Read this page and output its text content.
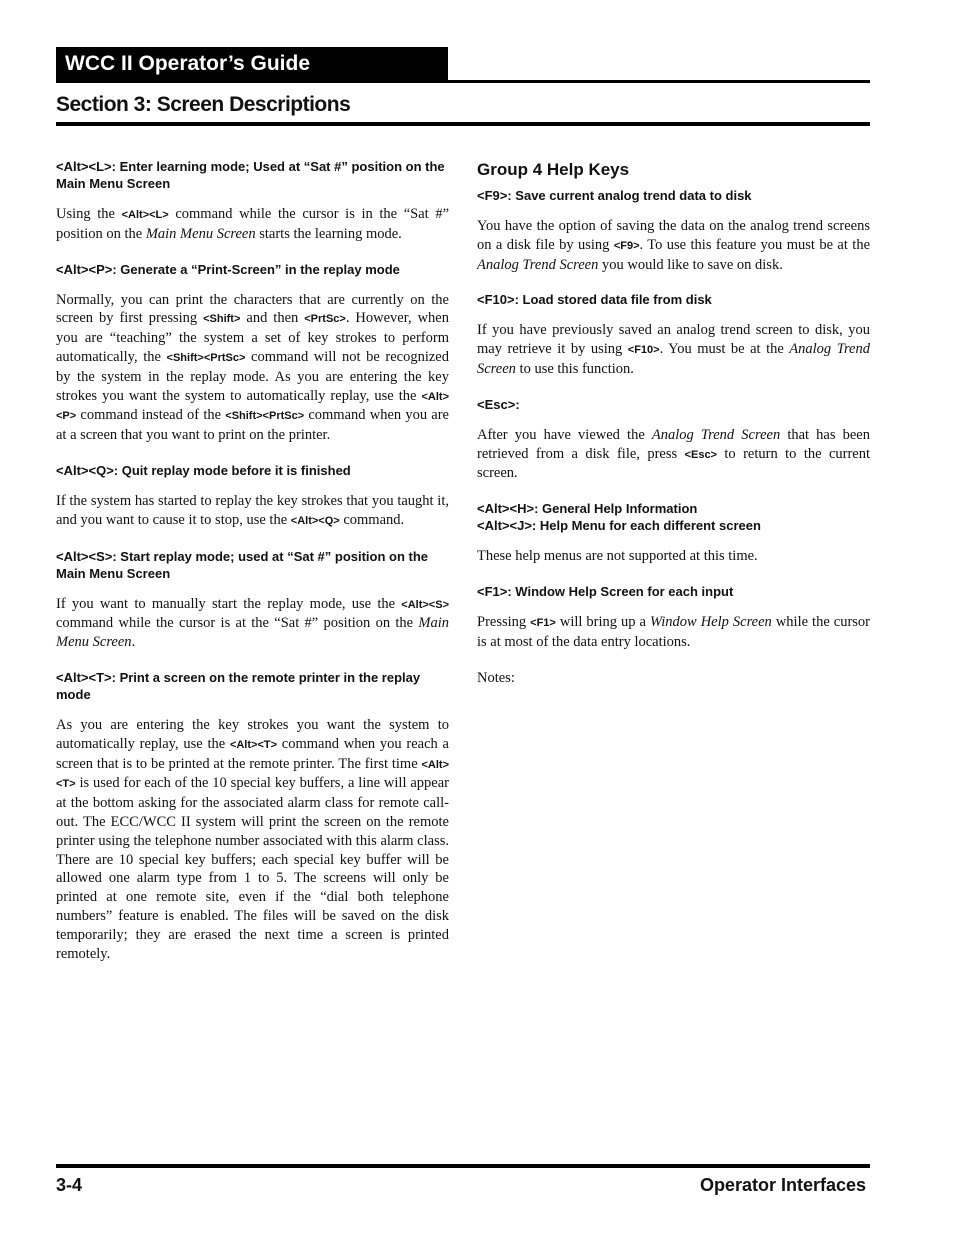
WCC II Operator’s Guide
Section 3: Screen Descriptions
<Alt><L>: Enter learning mode; Used at “Sat #” position on the Main Menu Screen

Using the <Alt><L> command while the cursor is in the “Sat #” position on the Main Menu Screen starts the learning mode.

<Alt><P>: Generate a “Print-Screen” in the replay mode

Normally, you can print the characters that are currently on the screen by first pressing <Shift> and then <PrtSc>. However, when you are “teaching” the system a set of key strokes to perform automatically, the <Shift><PrtSc> command will not be recognized by the system in the replay mode. As you are entering the key strokes you want the system to automatically replay, use the <Alt><P> command instead of the <Shift><PrtSc> command when you are at a screen that you want to print on the printer.

<Alt><Q>: Quit replay mode before it is finished

If the system has started to replay the key strokes that you taught it, and you want to cause it to stop, use the <Alt><Q> command.

<Alt><S>: Start replay mode; used at “Sat #” position on the Main Menu Screen

If you want to manually start the replay mode, use the <Alt><S> command while the cursor is at the “Sat #” position on the Main Menu Screen.

<Alt><T>: Print a screen on the remote printer in the replay mode

As you are entering the key strokes you want the system to automatically replay, use the <Alt><T> command when you reach a screen that is to be printed at the remote printer. The first time <Alt><T> is used for each of the 10 special key buffers, a line will appear at the bottom asking for the associated alarm class for remote call-out. The ECC/WCC II system will print the screen on the remote printer using the telephone number associated with this alarm class. There are 10 special key buffers; each special key buffer will be allowed one alarm type from 1 to 5. The screens will only be printed at one remote site, even if the “dial both telephone numbers” feature is enabled. The files will be saved on the disk temporarily; they are erased the next time a screen is printed remotely.

Group 4 Help Keys
<F9>: Save current analog trend data to disk

You have the option of saving the data on the analog trend screens on a disk file by using <F9>. To use this feature you must be at the Analog Trend Screen you would like to save on disk.

<F10>: Load stored data file from disk

If you have previously saved an analog trend screen to disk, you may retrieve it by using <F10>. You must be at the Analog Trend Screen to use this function.

<Esc>:

After you have viewed the Analog Trend Screen that has been retrieved from a disk file, press <Esc> to return to the current screen.

<Alt><H>: General Help Information
<Alt><J>: Help Menu for each different screen

These help menus are not supported at this time.

<F1>: Window Help Screen for each input

Pressing <F1> will bring up a Window Help Screen while the cursor is at most of the data entry locations.

Notes:

3-4	Operator Interfaces
